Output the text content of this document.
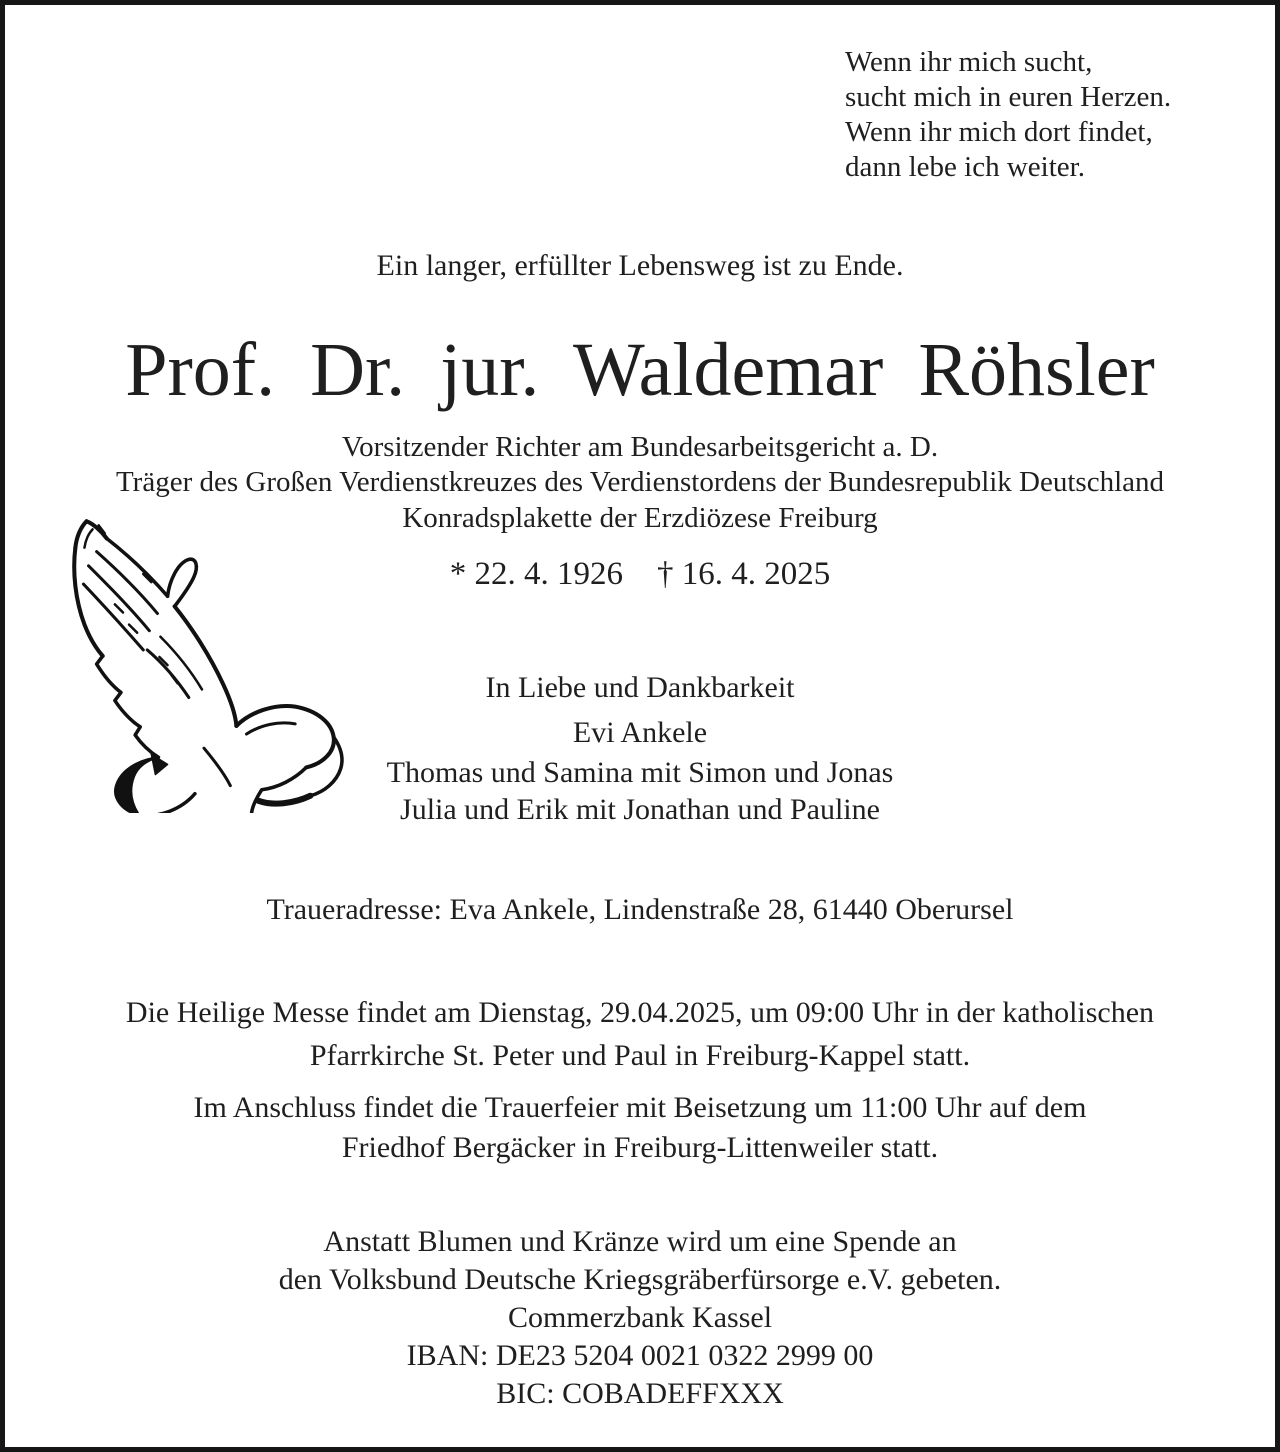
Wenn ihr mich sucht,
sucht mich in euren Herzen.
Wenn ihr mich dort findet,
dann lebe ich weiter.
Ein langer, erfüllter Lebensweg ist zu Ende.
Prof. Dr. jur. Waldemar Röhsler
Vorsitzender Richter am Bundesarbeitsgericht a. D.
Träger des Großen Verdienstkreuzes des Verdienstordens der Bundesrepublik Deutschland
Konradsplakette der Erzdiözese Freiburg
* 22. 4. 1926 † 16. 4. 2025
In Liebe und Dankbarkeit
Evi Ankele
Thomas und Samina mit Simon und Jonas
Julia und Erik mit Jonathan und Pauline
Traueradresse: Eva Ankele, Lindenstraße 28, 61440 Oberursel
Die Heilige Messe findet am Dienstag, 29.04.2025, um 09:00 Uhr in der katholischen
Pfarrkirche St. Peter und Paul in Freiburg-Kappel statt.
Im Anschluss findet die Trauerfeier mit Beisetzung um 11:00 Uhr auf dem
Friedhof Bergäcker in Freiburg-Littenweiler statt.
Anstatt Blumen und Kränze wird um eine Spende an
den Volksbund Deutsche Kriegsgräberfürsorge e.V. gebeten.
Commerzbank Kassel
IBAN: DE23 5204 0021 0322 2999 00
BIC: COBADEFFXXX
